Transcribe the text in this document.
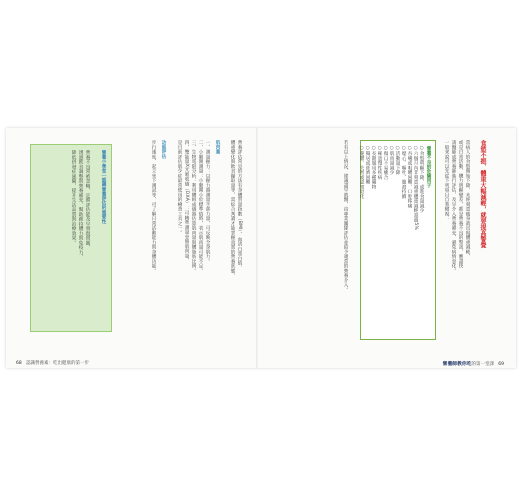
食慾不振、體重大幅減輕，就要提高警覺
當病人的食慾開始下降，未經刻意瘦身就出現體重減輕，
或是日常活動、體力明顯變差，都是營養不良的警訊，應盡快
請醫師或營養師進行評估，及早介入營養補充，避免病情惡化。
一般來說可以先從下列項目自我檢視：
營養不良的危險因子
○食慾明顯下降，或進食量減少
○六個月內非刻意減重體重減輕超過5%
○吞嚥或咀嚼困難、口腔疼痛
○噁心、嘔吐、腹瀉持續
○活動量下降
○肌肉量減少
○傷口不易癒合
○罹患慢性疾病
○長期服用多種藥物
○獨居或經濟困難
○憂鬱、失智或認知退化
若有以上情況，建議盡早就醫，由專業團隊評估並給予適當的營養介入。
營養師教你吃的第一堂課 69
營養評估常見的方法有身體質量指數（BMI）、血清白蛋白值、
體重變化與飲食攝取量等，需綜合判讀才能掌握真實的營養狀態。
肌肉量
一、測量握力：以握力器測量手部力量，可反映全身肌力。
二、小腿圍測量：小腿圍小於標準值時，表示肌肉量可能不足。
三、生物電阻分析：利用體組成儀器估算肌肉量與體脂肪比例。
四、雙能量X光吸收儀（DXA）：可精準測量骨骼肌肉量，
是目前評估肌少症最常使用的檢查工具之一。
功能評估
步行速度、起立坐下測試等，可了解日常活動能力與身體功能。
營養小學堂｜認識營養評估的重要性
營養不良常被忽略，定期評估能及早發現問題，
透過飲食調整與營養補充，幫助維持體力與免疫力，
降低併發症風險，提升生活品質與治療效果。
68 認識營養素：吃出健康的第一步
